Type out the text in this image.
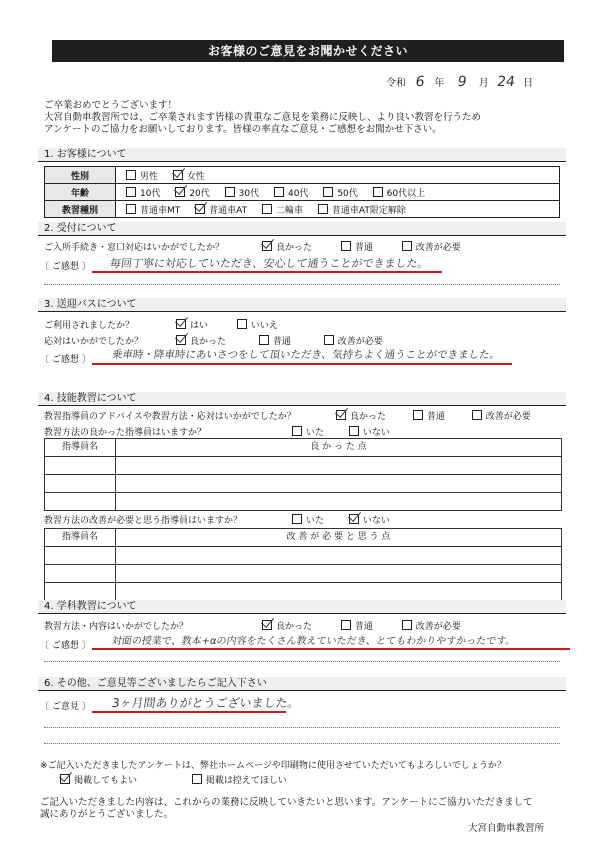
お客様のご意見をお聞かせください
令和 6 年 9 月 24 日
ご卒業おめでとうございます！
大宮自動車教習所では、ご卒業されます皆様の貴重なご意見を業務に反映し、より良い教習を行うため
アンケートのご協力をお願いしております。皆様の率直なご意見・ご感想をお聞かせ下さい。
1. お客様について
性別	男性 女性
年齢	10代 20代 30代 40代 50代 60代以上
教習種別	普通車MT 普通車AT 二輪車 普通車AT限定解除
2. 受付について
ご入所手続き・窓口対応はいかがでしたか？	良かった	普通	改善が必要
〔 ご感想 〕 毎回丁寧に対応していただき、安心して通うことができました。
3. 送迎バスについて
ご利用されましたか？	はい	いいえ
応対はいかがでしたか？	良かった	普通	改善が必要
〔 ご感想 〕 乗車時・降車時にあいさつをして頂いただき、気持ちよく通うことができました。
4. 技能教習について
教習指導員のアドバイスや教習方法・応対はいかがでしたか？	良かった	普通	改善が必要
教習方法の良かった指導員はいますか？	いた	いない
指導員名	良 か っ た 点
教習方法の改善が必要と思う指導員はいますか？	いた	いない
指導員名	改 善 が 必 要 と 思 う 点
4. 学科教習について
教習方法・内容はいかがでしたか？	良かった	普通	改善が必要
〔 ご感想 〕 対面の授業で、教本+αの内容をたくさん教えていただき、とてもわかりやすかったです。
6. その他、ご意見等ございましたらご記入下さい
〔 ご意見 〕 3ヶ月間ありがとうございました。
※ご記入いただきましたアンケートは、弊社ホームページや印刷物に使用させていただいてもよろしいでしょうか？
掲載してもよい	掲載は控えてほしい
ご記入いただきました内容は、これからの業務に反映していきたいと思います。アンケートにご協力いただきまして
誠にありがとうございました。
大宮自動車教習所
